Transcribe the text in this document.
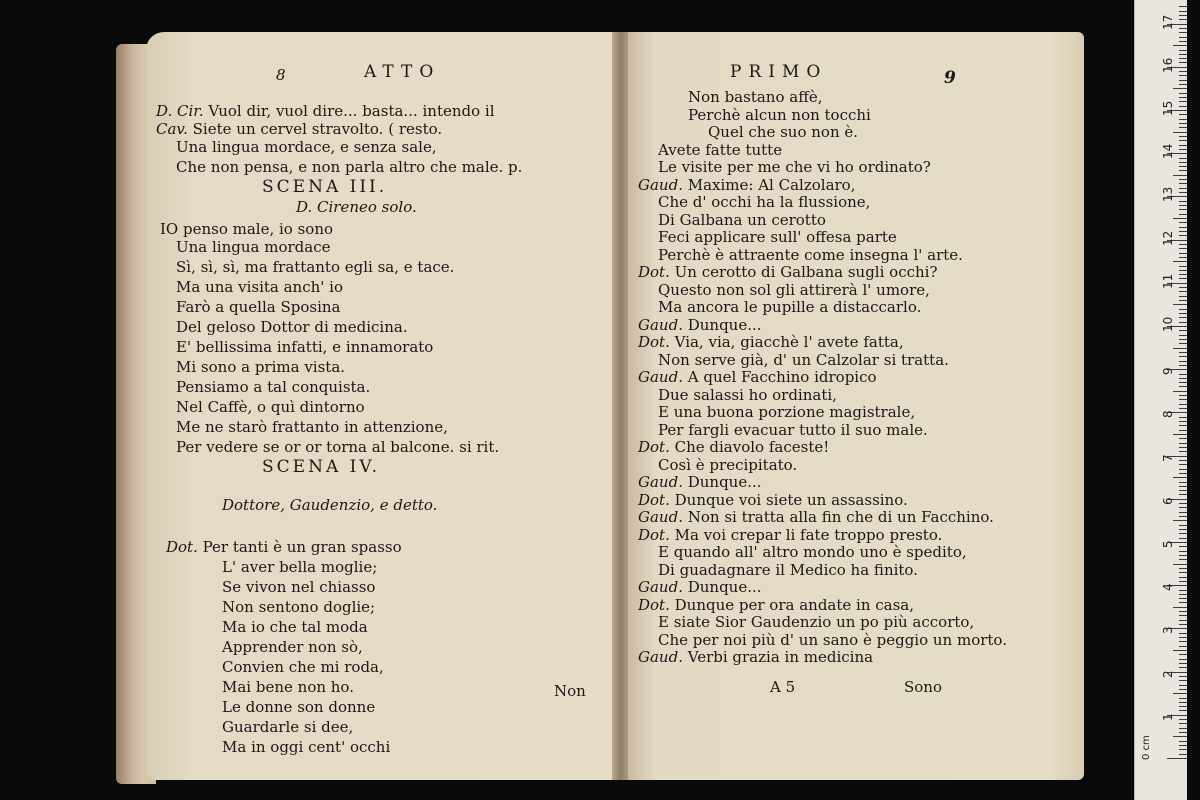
8	ATTO
D. Cir. Vuol dir, vuol dire... basta... intendo il
Cav. Siete un cervel stravolto. ( resto.
Una lingua mordace, e senza sale,
Che non pensa, e non parla altro che male. p.
SCENA III.
D. Cireneo solo.
IO penso male, io sono
Una lingua mordace
Sì, sì, sì, ma frattanto egli sa, e tace.
Ma una visita anch' io
Farò a quella Sposina
Del geloso Dottor di medicina.
E' bellissima infatti, e innamorato
Mi sono a prima vista.
Pensiamo a tal conquista.
Nel Caffè, o quì dintorno
Me ne starò frattanto in attenzione,
Per vedere se or or torna al balcone. si rit.
SCENA IV.
Dottore, Gaudenzio, e detto.
Dot. Per tanti è un gran spasso
L' aver bella moglie;
Se vivon nel chiasso
Non sentono doglie;
Ma io che tal moda
Apprender non sò,
Convien che mi roda,
Mai bene non ho.
Le donne son donne
Guardarle si dee,
Ma in oggi cent' occhi
Non
PRIMO	9
Non bastano affè,
Perchè alcun non tocchi
Quel che suo non è.
Avete fatte tutte
Le visite per me che vi ho ordinato?
Gaud. Maxime: Al Calzolaro,
Che d' occhi ha la flussione,
Di Galbana un cerotto
Feci applicare sull' offesa parte
Perchè è attraente come insegna l' arte.
Dot. Un cerotto di Galbana sugli occhi?
Questo non sol gli attirerà l' umore,
Ma ancora le pupille a distaccarlo.
Gaud. Dunque...
Dot. Via, via, giacchè l' avete fatta,
Non serve già, d' un Calzolar si tratta.
Gaud. A quel Facchino idropico
Due salassi ho ordinati,
E una buona porzione magistrale,
Per fargli evacuar tutto il suo male.
Dot. Che diavolo faceste!
Così è precipitato.
Gaud. Dunque...
Dot. Dunque voi siete un assassino.
Gaud. Non si tratta alla fin che di un Facchino.
Dot. Ma voi crepar li fate troppo presto.
E quando all' altro mondo uno è spedito,
Di guadagnare il Medico ha finito.
Gaud. Dunque...
Dot. Dunque per ora andate in casa,
E siate Sior Gaudenzio un po più accorto,
Che per noi più d' un sano è peggio un morto.
Gaud. Verbi grazia in medicina
A 5	Sono
0 cm
1
2
3
4
5
6
7
8
9
10
11
12
13
14
15
16
17
